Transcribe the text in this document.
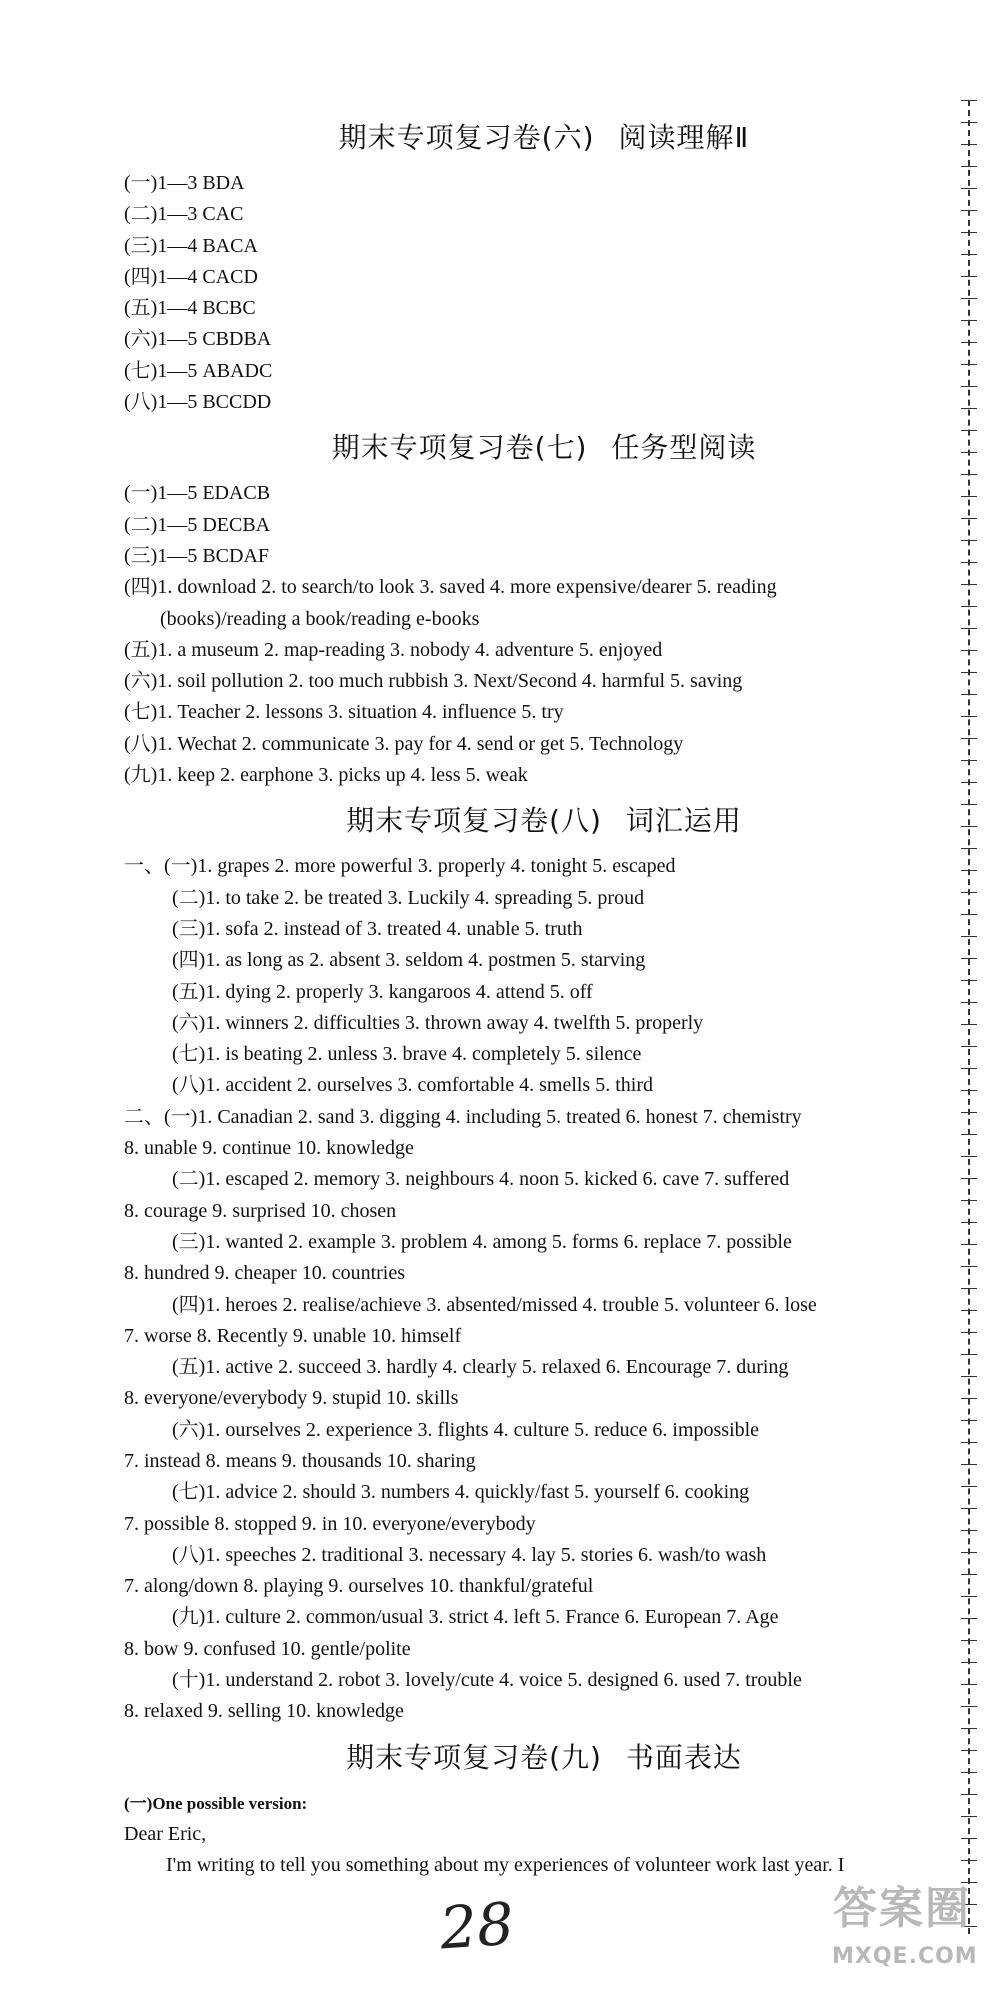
期末专项复习卷(六) 阅读理解Ⅱ
(一)1—3 BDA
(二)1—3 CAC
(三)1—4 BACA
(四)1—4 CACD
(五)1—4 BCBC
(六)1—5 CBDBA
(七)1—5 ABADC
(八)1—5 BCCDD
期末专项复习卷(七) 任务型阅读
(一)1—5 EDACB
(二)1—5 DECBA
(三)1—5 BCDAF
(四)1. download 2. to search/to look 3. saved 4. more expensive/dearer 5. reading
(books)/reading a book/reading e-books
(五)1. a museum 2. map-reading 3. nobody 4. adventure 5. enjoyed
(六)1. soil pollution 2. too much rubbish 3. Next/Second 4. harmful 5. saving
(七)1. Teacher 2. lessons 3. situation 4. influence 5. try
(八)1. Wechat 2. communicate 3. pay for 4. send or get 5. Technology
(九)1. keep 2. earphone 3. picks up 4. less 5. weak
期末专项复习卷(八) 词汇运用
一、(一)1. grapes 2. more powerful 3. properly 4. tonight 5. escaped
(二)1. to take 2. be treated 3. Luckily 4. spreading 5. proud
(三)1. sofa 2. instead of 3. treated 4. unable 5. truth
(四)1. as long as 2. absent 3. seldom 4. postmen 5. starving
(五)1. dying 2. properly 3. kangaroos 4. attend 5. off
(六)1. winners 2. difficulties 3. thrown away 4. twelfth 5. properly
(七)1. is beating 2. unless 3. brave 4. completely 5. silence
(八)1. accident 2. ourselves 3. comfortable 4. smells 5. third
二、(一)1. Canadian 2. sand 3. digging 4. including 5. treated 6. honest 7. chemistry
8. unable 9. continue 10. knowledge
(二)1. escaped 2. memory 3. neighbours 4. noon 5. kicked 6. cave 7. suffered
8. courage 9. surprised 10. chosen
(三)1. wanted 2. example 3. problem 4. among 5. forms 6. replace 7. possible
8. hundred 9. cheaper 10. countries
(四)1. heroes 2. realise/achieve 3. absented/missed 4. trouble 5. volunteer 6. lose
7. worse 8. Recently 9. unable 10. himself
(五)1. active 2. succeed 3. hardly 4. clearly 5. relaxed 6. Encourage 7. during
8. everyone/everybody 9. stupid 10. skills
(六)1. ourselves 2. experience 3. flights 4. culture 5. reduce 6. impossible
7. instead 8. means 9. thousands 10. sharing
(七)1. advice 2. should 3. numbers 4. quickly/fast 5. yourself 6. cooking
7. possible 8. stopped 9. in 10. everyone/everybody
(八)1. speeches 2. traditional 3. necessary 4. lay 5. stories 6. wash/to wash
7. along/down 8. playing 9. ourselves 10. thankful/grateful
(九)1. culture 2. common/usual 3. strict 4. left 5. France 6. European 7. Age
8. bow 9. confused 10. gentle/polite
(十)1. understand 2. robot 3. lovely/cute 4. voice 5. designed 6. used 7. trouble
8. relaxed 9. selling 10. knowledge
期末专项复习卷(九) 书面表达
(一)One possible version:
Dear Eric,
I'm writing to tell you something about my experiences of volunteer work last year. I
28	答案圈
MXQE.COM
